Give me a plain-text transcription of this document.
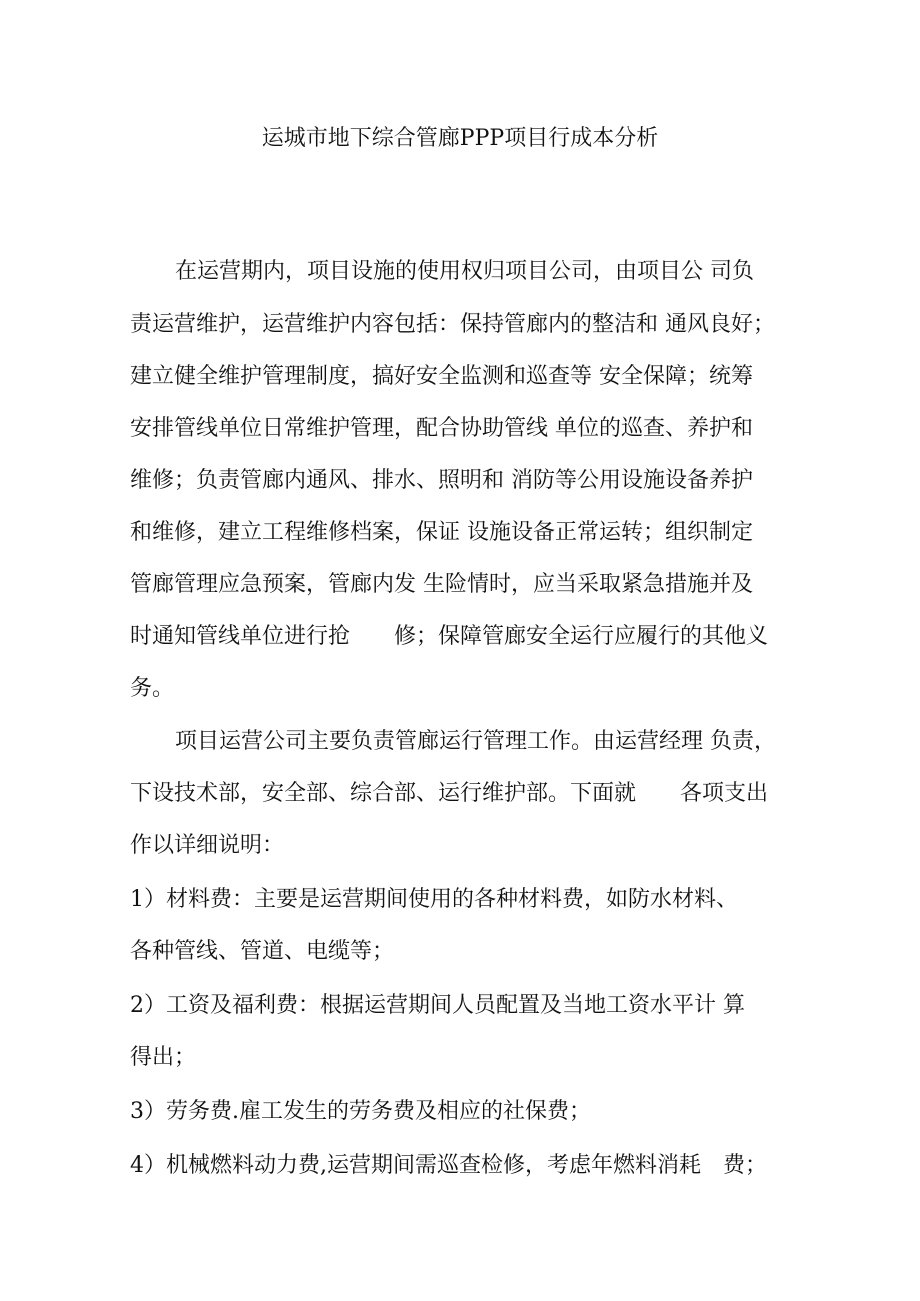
运城市地下综合管廊PPP项目行成本分析

在运营期内，项目设施的使用权归项目公司，由项目公 司负

责运营维护，运营维护内容包括：保持管廊内的整洁和 通风良好；

建立健全维护管理制度，搞好安全监测和巡查等 安全保障；统筹

安排管线单位日常维护管理，配合协助管线 单位的巡查、养护和

维修；负责管廊内通风、排水、照明和 消防等公用设施设备养护

和维修，建立工程维修档案，保证 设施设备正常运转；组织制定

管廊管理应急预案，管廊内发 生险情时，应当采取紧急措施并及

时通知管线单位进行抢　　修；保障管廊安全运行应履行的其他义

务。

项目运营公司主要负责管廊运行管理工作。由运营经理 负责，

下设技术部，安全部、综合部、运行维护部。下面就　　各项支出

作以详细说明：

1）材料费：主要是运营期间使用的各种材料费，如防水材料、

各种管线、管道、电缆等；

2）工资及福利费：根据运营期间人员配置及当地工资水平计 算

得出；

3）劳务费.雇工发生的劳务费及相应的社保费；

4）机械燃料动力费,运营期间需巡查检修，考虑年燃料消耗　费；
